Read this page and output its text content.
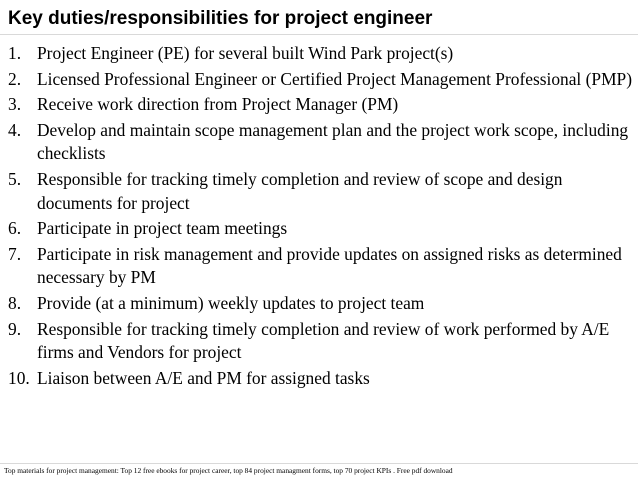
Key duties/responsibilities for project engineer
1. Project Engineer (PE) for several built Wind Park project(s)
2. Licensed Professional Engineer or Certified Project Management Professional (PMP)
3. Receive work direction from Project Manager (PM)
4. Develop and maintain scope management plan and the project work scope, including checklists
5. Responsible for tracking timely completion and review of scope and design documents for project
6. Participate in project team meetings
7. Participate in risk management and provide updates on assigned risks as determined necessary by PM
8. Provide (at a minimum) weekly updates to project team
9. Responsible for tracking timely completion and review of work performed by A/E firms and Vendors for project
10. Liaison between A/E and PM for assigned tasks
Top materials for project management: Top 12 free ebooks for project career, top 84 project managment forms, top 70 project KPIs . Free pdf download
